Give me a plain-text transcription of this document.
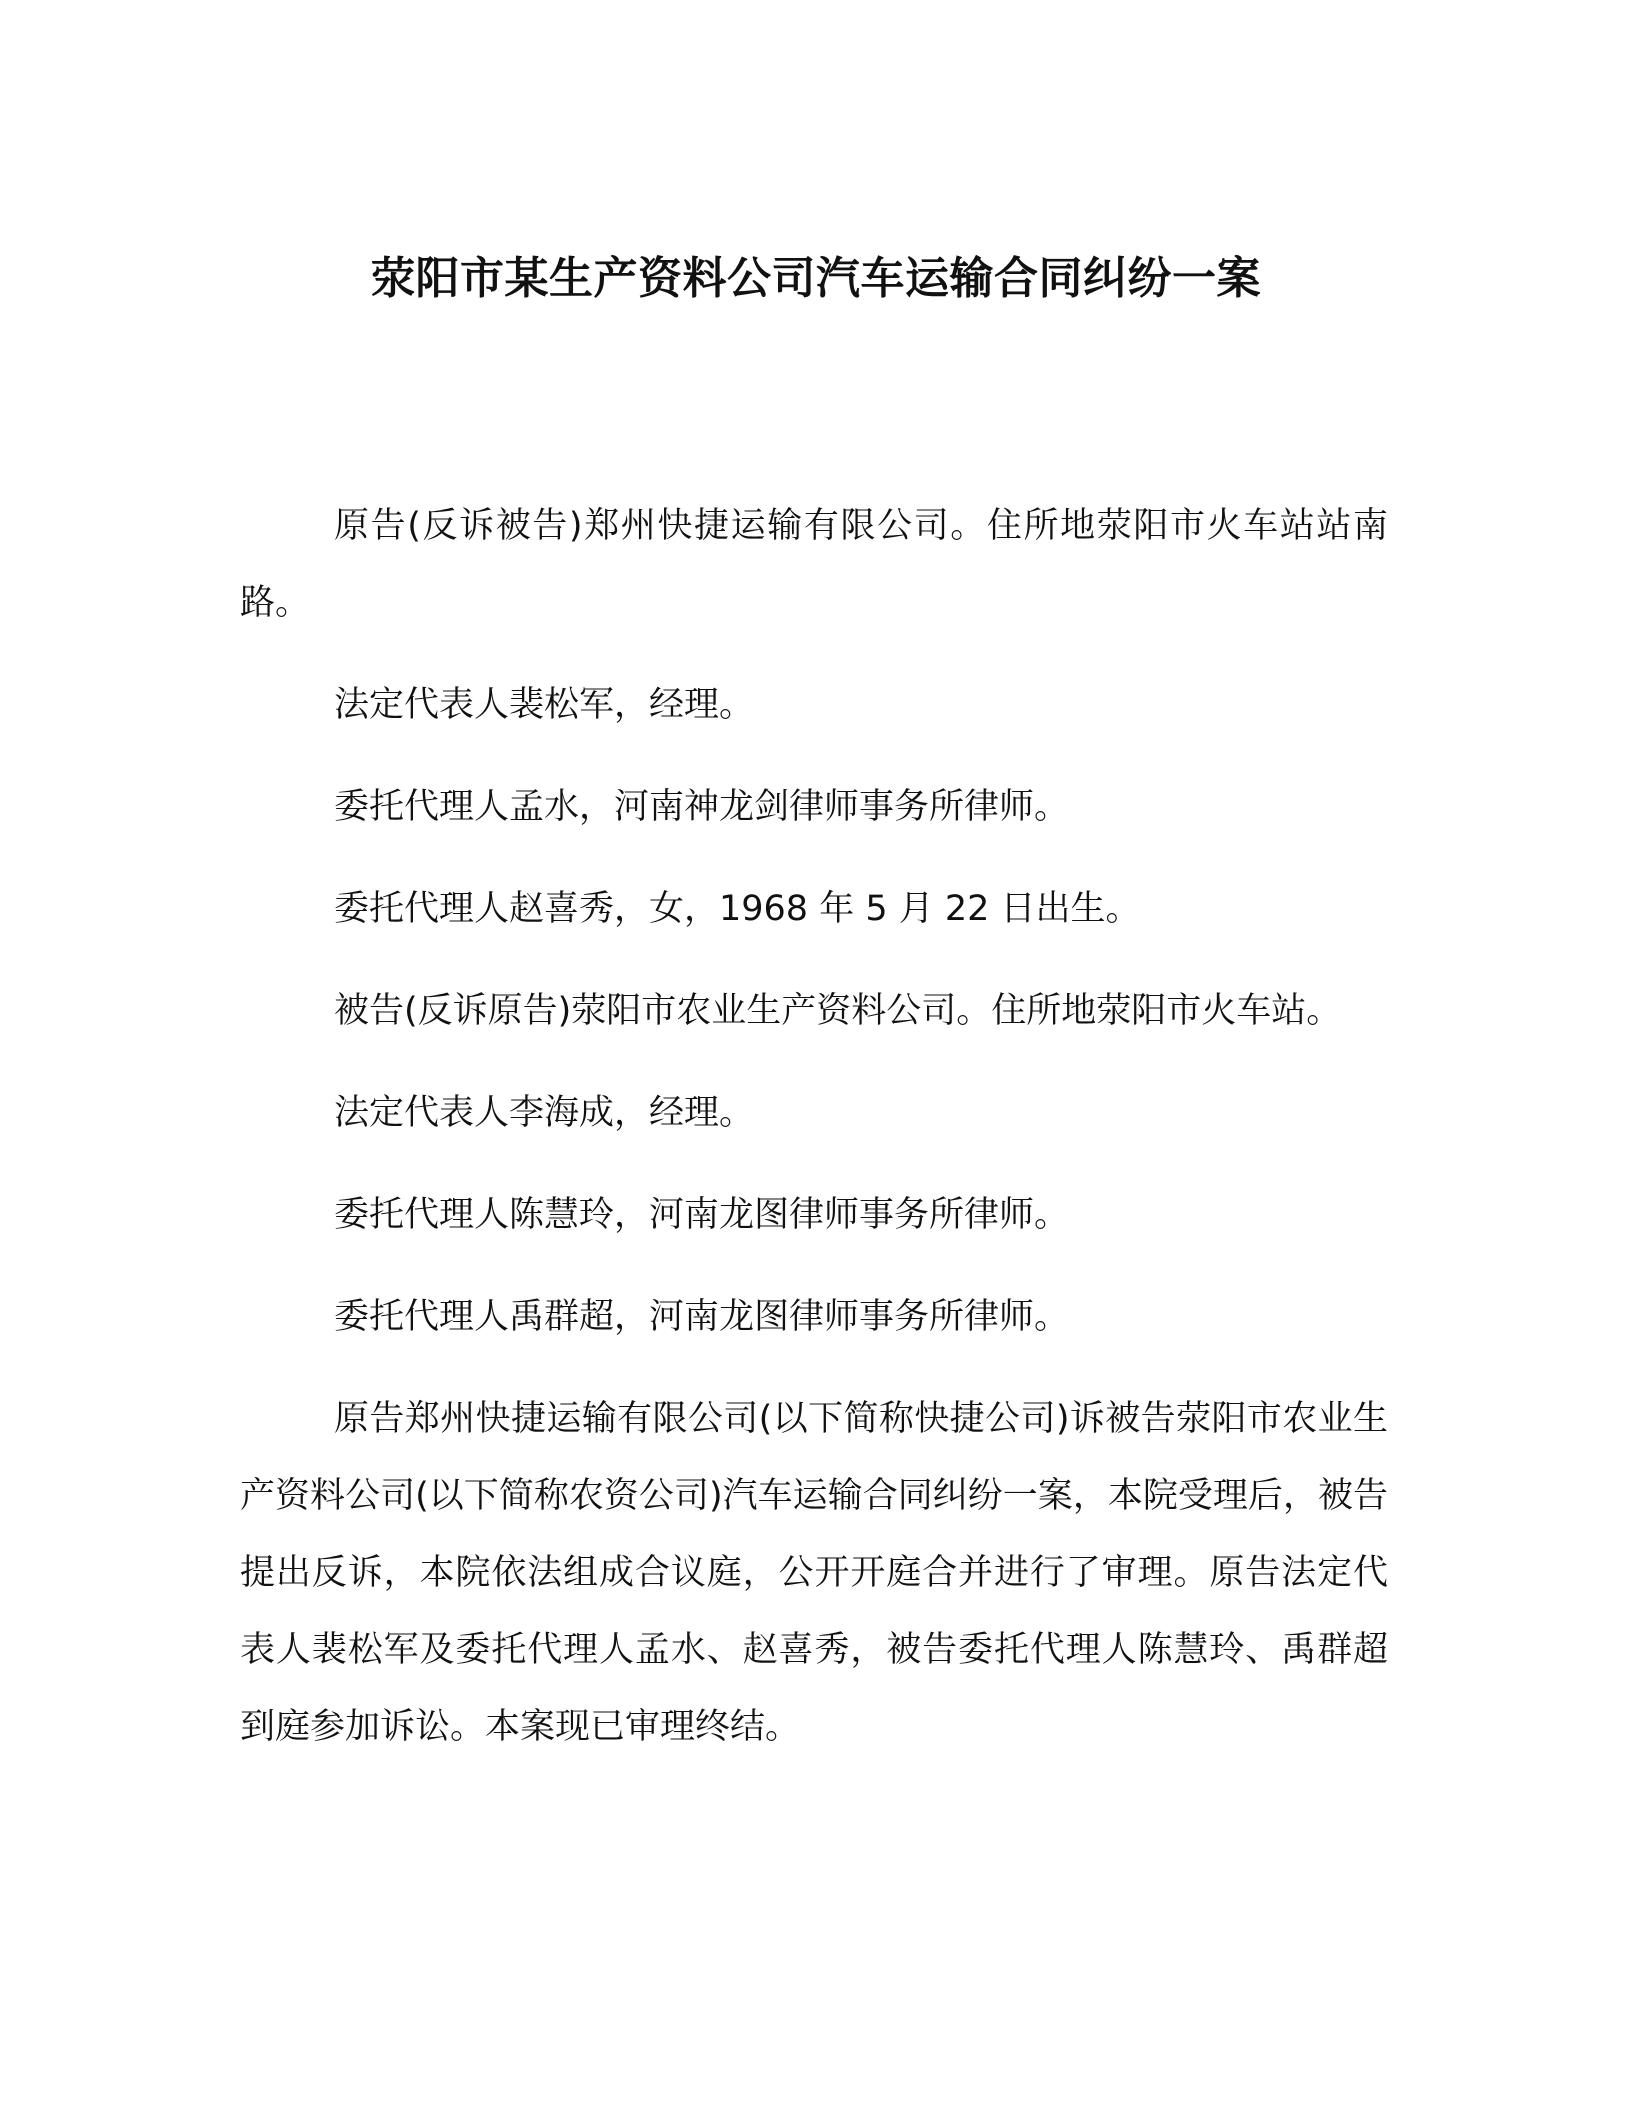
荥阳市某生产资料公司汽车运输合同纠纷一案

原告(反诉被告)郑州快捷运输有限公司。住所地荥阳市火车站站南路。

法定代表人裴松军，经理。

委托代理人孟水，河南神龙剑律师事务所律师。

委托代理人赵喜秀，女，1968 年 5 月 22 日出生。

被告(反诉原告)荥阳市农业生产资料公司。住所地荥阳市火车站。

法定代表人李海成，经理。

委托代理人陈慧玲，河南龙图律师事务所律师。

委托代理人禹群超，河南龙图律师事务所律师。

原告郑州快捷运输有限公司(以下简称快捷公司)诉被告荥阳市农业生产资料公司(以下简称农资公司)汽车运输合同纠纷一案，本院受理后，被告提出反诉，本院依法组成合议庭，公开开庭合并进行了审理。原告法定代表人裴松军及委托代理人孟水、赵喜秀，被告委托代理人陈慧玲、禹群超到庭参加诉讼。本案现已审理终结。
